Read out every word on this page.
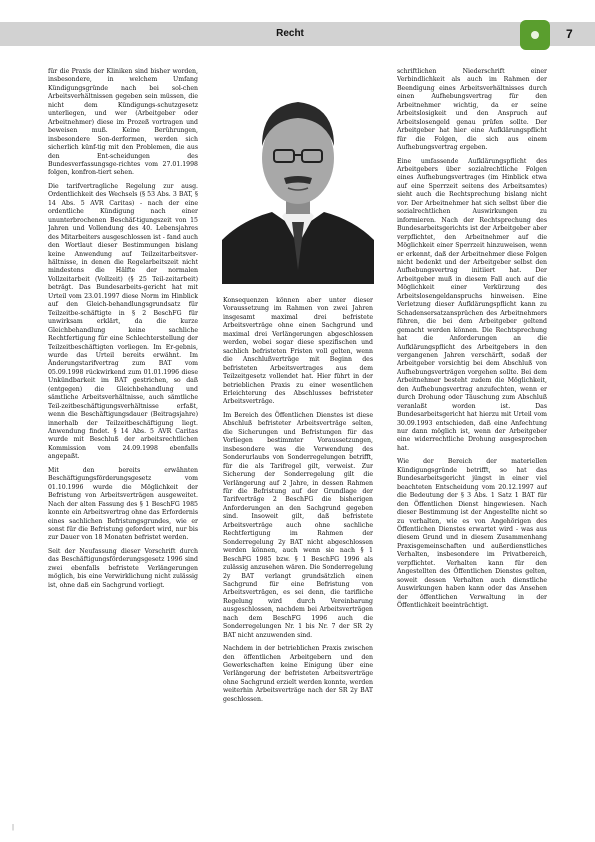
Recht	7

für die Praxis der Kliniken sind bisher worden, insbesondere, in welchem Umfang Kündigungsgründe nach bei sol-chen Arbeitsverhältnissen gegeben sein müssen, die nicht dem Kündigungs-schutzgesetz unterliegen, und wer (Arbeitgeber oder Arbeitnehmer) diese im Prozeß vortragen und beweisen muß. Keine Berührungen, insbesondere Son-derformen, werden sich sicherlich künf-tig mit den Problemen, die aus den Ent-scheidungen des Bundesverfassungsge-richtes vom 27.01.1998 folgen, konfron-tiert sehen.

Die tarifvertragliche Regelung zur ausg. Ordentlichkeit des Wechsels (§ 53 Abs. 3 BAT, § 14 Abs. 5 AVR Caritas) - nach der eine ordentliche Kündigung nach einer ununterbrochenen Beschäf-tigungszeit von 15 Jahren und Vollendung des 40. Lebensjahres des Mitarbeiters ausgeschlossen ist - fand auch den Wortlaut dieser Bestimmungen bislang keine Anwendung auf Teilzeitarbeitsver-hältnisse, in denen die Regelarbeitszeit nicht mindestens die Hälfte der normalen Vollzeitarbeit (Vollzeit) (§ 25 Teil-zeitarbeit) beträgt. Das Bundesarbeits-gericht hat mit Urteil vom 23.01.1997 diese Norm im Hinblick auf den Gleich-behandlungsgrundsatz für Teilzeitbe-schäftigte in § 2 BeschFG für unwirksam erklärt, da die kurze Gleichbehandlung keine sachliche Rechtfertigung für eine Schlechterstellung der Teilzeitbeschäftigten vorliegen. Im Er-gebnis, wurde das Urteil bereits erwähnt. Im Änderungstarifvertrag zum BAT vom 05.09.1998 rückwirkend zum 01.01.1996 diese Unkündbarkeit im BAT gestrichen, so daß (entgegen) die Gleichbehandlung und sämtliche Arbeitsverhältnisse, auch sämtliche Teil-zeitbeschäftigungsverhältnisse erfaßt, wenn die Beschäftigungsdauer (Beitragsjahre) innerhalb der Teilzeitbeschäftigung liegt. Anwendung findet. § 14 Abs. 5 AVR Caritas wurde mit Beschluß der arbeitsrechtlichen Kommission vom 24.09.1998 ebenfalls angepaßt.

Mit den bereits erwähnten Beschäftigungsförderungsgesetz vom 01.10.1996 wurde die Möglichkeit der Befristung von Arbeitsverträgen ausgeweitet. Nach der alten Fassung des § 1 BeschFG 1985 konnte ein Arbeitsvertrag ohne das Erfordernis eines sachlichen Befristungsgrundes, wie er sonst für die Befristung gefordert wird, nur bis zur Dauer von 18 Monaten befristet werden.

Seit der Neufassung dieser Vorschrift durch das Beschäftigungsförderungsgesetz 1996 sind zwei ebenfalls befristete Verlängerungen möglich, bis eine Verwirklichung nicht zulässig ist, ohne daß ein Sachgrund vorliegt.

Konsequenzen können aber unter dieser Voraussetzung im Rahmen von zwei Jahren insgesamt maximal drei befristete Arbeitsverträge ohne einen Sachgrund und maximal drei Verlängerungen abgeschlossen werden, wobei sogar diese spezifischen und sachlich befristeten Fristen voll gelten, wenn die Anschlußverträge mit Beginn des befristeten Arbeitsvertrages aus dem Teilzeitgesetz vollendet hat. Hier führt in der betrieblichen Praxis zu einer wesentlichen Erleichterung des Abschlusses befristeter Arbeitsverträge.

Im Bereich des Öffentlichen Dienstes ist diese Abschluß befristeter Arbeitsverträge selten, die Sicherungen und Befristungen für das Vorliegen bestimmter Voraussetzungen, insbesondere was die Verwendung des Sonderurlaubs von Sonderregelungen betrifft, für die als Tarifregel gilt, verweist. Zur Sicherung der Sonderregelung gilt die Verlängerung auf 2 Jahre, in dessen Rahmen für die Befristung auf der Grundlage der Tarifverträge 2 BeschFG die bisherigen Anforderungen an den Sachgrund gegeben sind. Insoweit gilt, daß befristete Arbeitsverträge auch ohne sachliche Rechtfertigung im Rahmen der Sonderregelung 2y BAT nicht abgeschlossen werden können, auch wenn sie nach § 1 BeschFG 1985 bzw. § 1 BeschFG 1996 als zulässig anzusehen wären. Die Sonderregelung 2y BAT verlangt grundsätzlich einen Sachgrund für eine Befristung von Arbeitsverträgen, es sei denn, die tarifliche Regelung wird durch Vereinbarung ausgeschlossen, nachdem bei Arbeitsverträgen nach dem BeschFG 1996 auch die Sonderregelungen Nr. 1 bis Nr. 7 der SR 2y BAT nicht anzuwenden sind.

Nachdem in der betrieblichen Praxis zwischen den öffentlichen Arbeitgebern und den Gewerkschaften keine Einigung über eine Verlängerung der befristeten Arbeitsverträge ohne Sachgrund erzielt werden konnte, werden weiterhin Arbeitsverträge nach der SR 2y BAT geschlossen.

schriftlichen Niederschrift einer Verbindlichkeit als auch im Rahmen der Beendigung eines Arbeitsverhältnisses durch einen Aufhebungsvertrag für den Arbeitnehmer wichtig, da er seine Arbeitslosigkeit und den Anspruch auf Arbeitslosengeld genau prüfen sollte. Der Arbeitgeber hat hier eine Aufklärungspflicht für die Folgen, die sich aus einem Aufhebungsvertrag ergeben.

Eine umfassende Aufklärungspflicht des Arbeitgebers über sozialrechtliche Folgen eines Aufhebungsvertrages (im Hinblick etwa auf eine Sperrzeit seitens des Arbeitsamtes) sieht auch die Rechtsprechung bislang nicht vor. Der Arbeitnehmer hat sich selbst über die sozialrechtlichen Auswirkungen zu informieren. Nach der Rechtsprechung des Bundesarbeitsgerichts ist der Arbeitgeber aber verpflichtet, den Arbeitnehmer auf die Möglichkeit einer Sperrzeit hinzuweisen, wenn er erkennt, daß der Arbeitnehmer diese Folgen nicht bedenkt und der Arbeitgeber selbst den Aufhebungsvertrag initiiert hat. Der Arbeitgeber muß in diesem Fall auch auf die Möglichkeit einer Verkürzung des Arbeitslosengeldanspruchs hinweisen. Eine Verletzung dieser Aufklärungspflicht kann zu Schadensersatzansprüchen des Arbeitnehmers führen, die bei dem Arbeitgeber geltend gemacht werden können. Die Rechtsprechung hat die Anforderungen an die Aufklärungspflicht des Arbeitgebers in den vergangenen Jahren verschärft, sodaß der Arbeitgeber vorsichtig bei dem Abschluß von Aufhebungsverträgen vorgehen sollte. Bei dem Arbeitnehmer besteht zudem die Möglichkeit, den Aufhebungsvertrag anzufechten, wenn er durch Drohung oder Täuschung zum Abschluß veranlaßt worden ist. Das Bundesarbeitsgericht hat hierzu mit Urteil vom 30.09.1993 entschieden, daß eine Anfechtung nur dann möglich ist, wenn der Arbeitgeber eine widerrechtliche Drohung ausgesprochen hat.

Wie der Bereich der materiellen Kündigungsgründe betrifft, so hat das Bundesarbeitsgericht jüngst in einer viel beachteten Entscheidung vom 20.12.1997 auf die Bedeutung der § 3 Abs. 1 Satz 1 BAT für den Öffentlichen Dienst hingewiesen. Nach dieser Bestimmung ist der Angestellte nicht so zu verhalten, wie es von Angehörigen des Öffentlichen Dienstes erwartet wird - was aus diesem Grund und in diesem Zusammenhang Praxisgemeinschaften und außerdienstliches Verhalten, insbesondere im Privatbereich, verpflichtet. Verhalten kann für den Angestellten des Öffentlichen Dienstes gelten, soweit dessen Verhalten auch dienstliche Auswirkungen haben kann oder das Ansehen der öffentlichen Verwaltung in der Öffentlichkeit beeinträchtigt.

|
